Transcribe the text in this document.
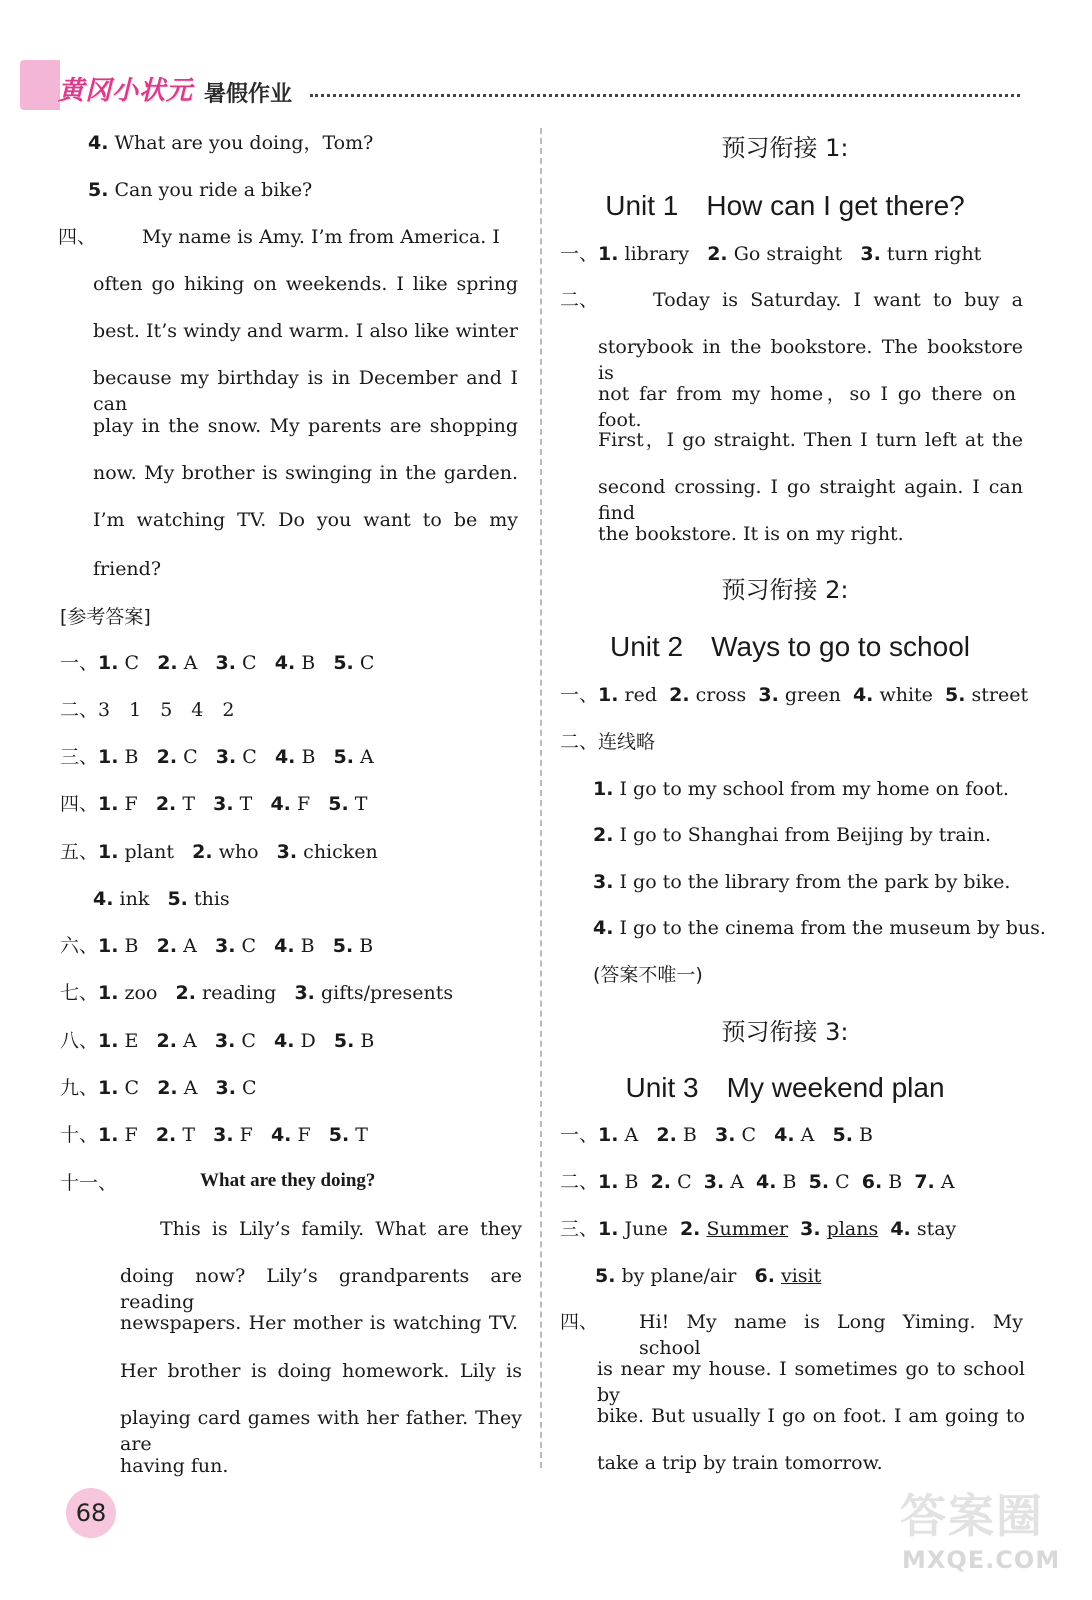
黄冈小状元 暑假作业
4. What are you doing，Tom?
5. Can you ride a bike?
四、 My name is Amy. I’m from America. I
often go hiking on weekends. I like spring
best. It’s windy and warm. I also like winter
because my birthday is in December and I can
play in the snow. My parents are shopping
now. My brother is swinging in the garden.
I’m watching TV. Do you want to be my
friend?
[参考答案]
一、1. C 2. A 3. C 4. B 5. C
二、3　1　5　4　2
三、1. B 2. C 3. C 4. B 5. A
四、1. F 2. T 3. T 4. F 5. T
五、1. plant 2. who 3. chicken
4. ink 5. this
六、1. B 2. A 3. C 4. B 5. B
七、1. zoo 2. reading 3. gifts/presents
八、1. E 2. A 3. C 4. D 5. B
九、1. C 2. A 3. C
十、1. F 2. T 3. F 4. F 5. T
十一、	What are they doing?
This is Lily’s family. What are they
doing now? Lily’s grandparents are reading
newspapers. Her mother is watching TV.
Her brother is doing homework. Lily is
playing card games with her father. They are
having fun.
预习衔接 1:
Unit 1　How can I get there?
一、1. library 2. Go straight 3. turn right
二、	Today is Saturday. I want to buy a
storybook in the bookstore. The bookstore is
not far from my home，so I go there on foot.
First，I go straight. Then I turn left at the
second crossing. I go straight again. I can find
the bookstore. It is on my right.
预习衔接 2:
Unit 2　Ways to go to school
一、1. red 2. cross 3. green 4. white 5. street
二、连线略
1. I go to my school from my home on foot.
2. I go to Shanghai from Beijing by train.
3. I go to the library from the park by bike.
4. I go to the cinema from the museum by bus.
(答案不唯一)
预习衔接 3:
Unit 3　My weekend plan
一、1. A 2. B 3. C 4. A 5. B
二、1. B 2. C 3. A 4. B 5. C 6. B 7. A
三、1. June 2. Summer 3. plans 4. stay
5. by plane/air 6. visit
四、 Hi! My name is Long Yiming. My school
is near my house. I sometimes go to school by
bike. But usually I go on foot. I am going to
take a trip by train tomorrow.
68	答案圈
MXQE.COM
